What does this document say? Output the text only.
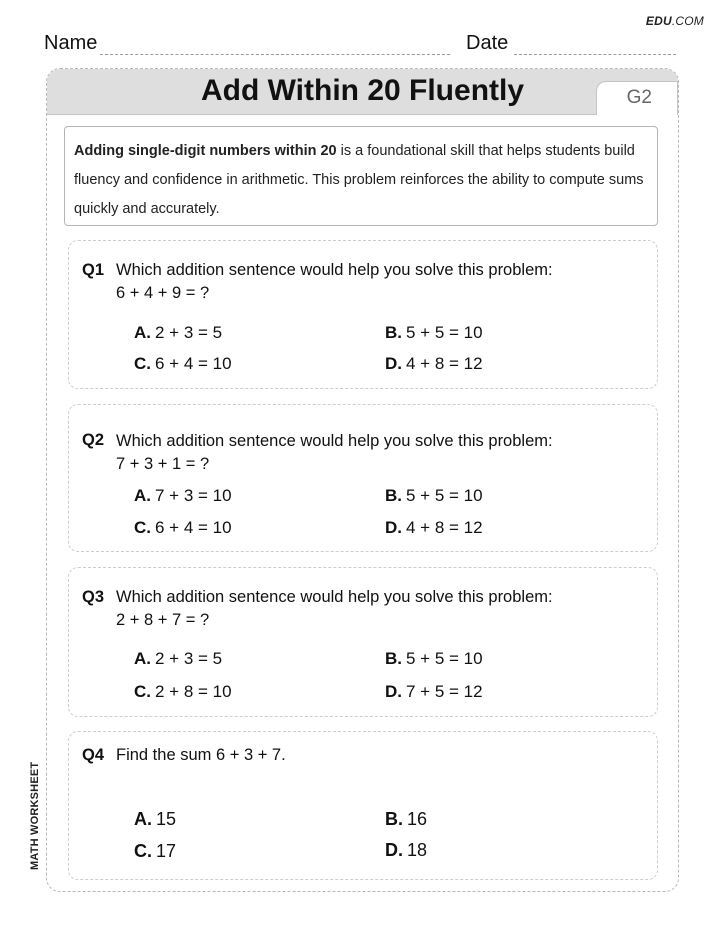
EDU.COM
Name	Date
MATH WORKSHEET
Add Within 20 Fluently	G2
Adding single-digit numbers within 20 is a foundational skill that helps students build fluency and confidence in arithmetic. This problem reinforces the ability to compute sums quickly and accurately.
Q1 Which addition sentence would help you solve this problem:
6 + 4 + 9 = ?
A. 2 + 3 = 5	B. 5 + 5 = 10
C. 6 + 4 = 10	D. 4 + 8 = 12
Q2 Which addition sentence would help you solve this problem:
7 + 3 + 1 = ?
A. 7 + 3 = 10	B. 5 + 5 = 10
C. 6 + 4 = 10	D. 4 + 8 = 12
Q3 Which addition sentence would help you solve this problem:
2 + 8 + 7 = ?
A. 2 + 3 = 5	B. 5 + 5 = 10
C. 2 + 8 = 10	D. 7 + 5 = 12
Q4 Find the sum 6 + 3 + 7.
A. 15	B. 16
C. 17	D. 18
